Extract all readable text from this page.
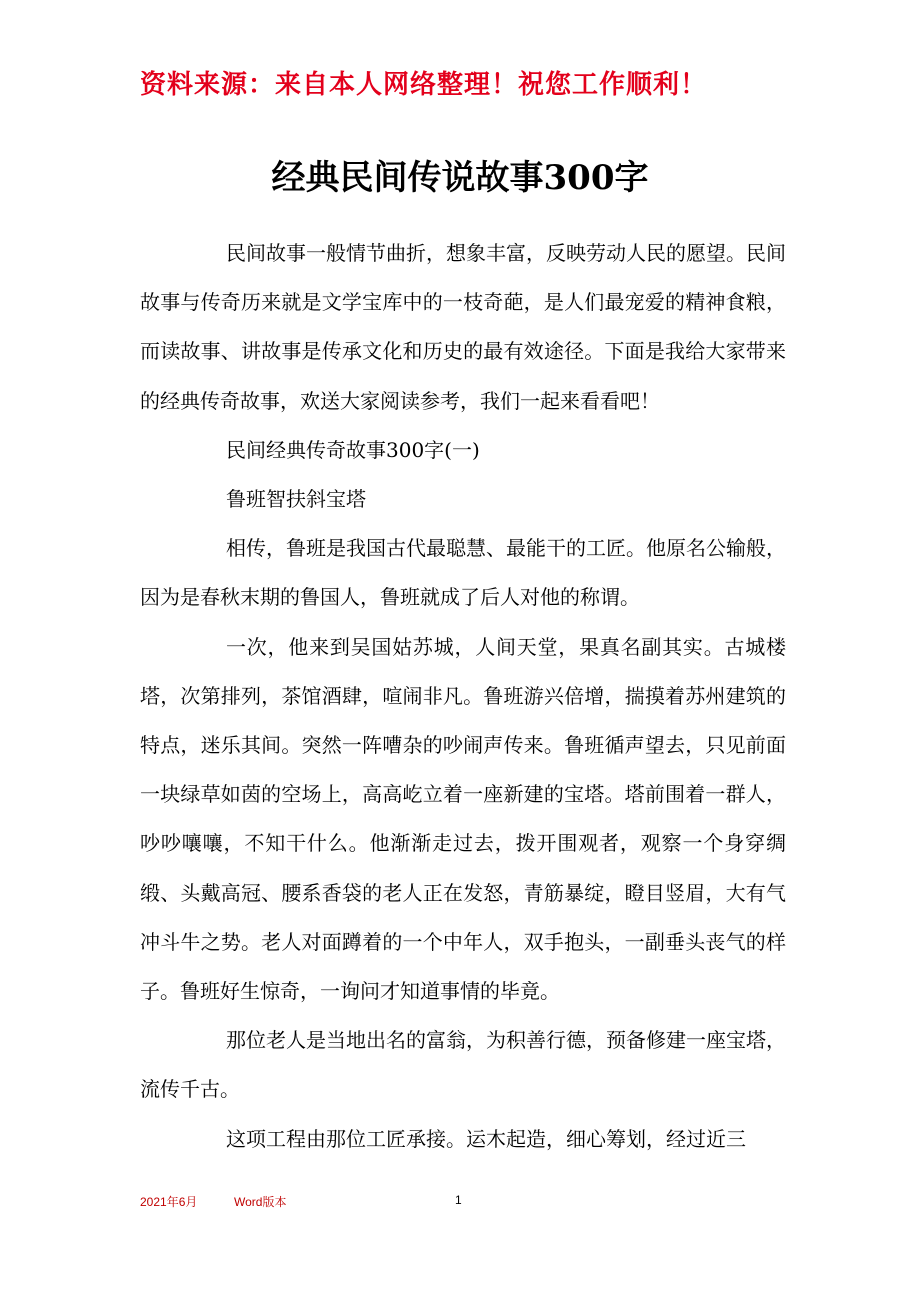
资料来源：来自本人网络整理！祝您工作顺利！
经典民间传说故事300字

民间故事一般情节曲折，想象丰富，反映劳动人民的愿望。民间故事与传奇历来就是文学宝库中的一枝奇葩，是人们最宠爱的精神食粮，而读故事、讲故事是传承文化和历史的最有效途径。下面是我给大家带来的经典传奇故事，欢送大家阅读参考，我们一起来看看吧！

民间经典传奇故事300字(一)

鲁班智扶斜宝塔

相传，鲁班是我国古代最聪慧、最能干的工匠。他原名公输般，因为是春秋末期的鲁国人，鲁班就成了后人对他的称谓。

一次，他来到吴国姑苏城，人间天堂，果真名副其实。古城楼塔，次第排列，茶馆酒肆，喧闹非凡。鲁班游兴倍增，揣摸着苏州建筑的特点，迷乐其间。突然一阵嘈杂的吵闹声传来。鲁班循声望去，只见前面一块绿草如茵的空场上，高高屹立着一座新建的宝塔。塔前围着一群人，吵吵嚷嚷，不知干什么。他渐渐走过去，拨开围观者，观察一个身穿绸缎、头戴高冠、腰系香袋的老人正在发怒，青筋暴绽，瞪目竖眉，大有气冲斗牛之势。老人对面蹲着的一个中年人，双手抱头，一副垂头丧气的样子。鲁班好生惊奇，一询问才知道事情的毕竟。

那位老人是当地出名的富翁，为积善行德，预备修建一座宝塔，流传千古。

这项工程由那位工匠承接。运木起造，细心筹划，经过近三

2021年6月	Word版本	1
